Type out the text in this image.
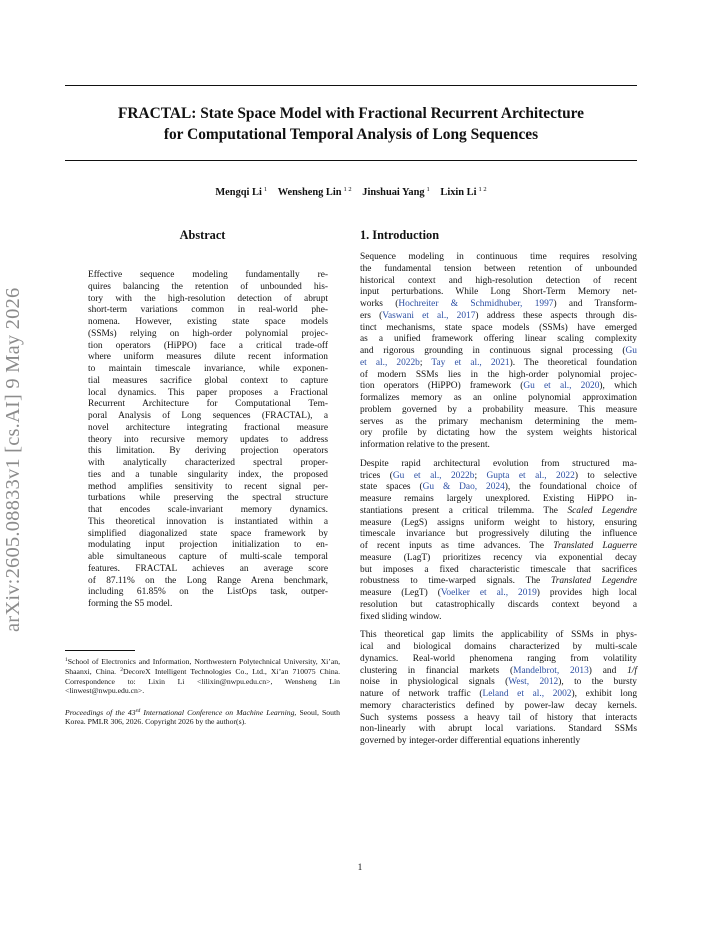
arXiv:2605.08833v1 [cs.AI] 9 May 2026
FRACTAL: State Space Model with Fractional Recurrent Architecture
for Computational Temporal Analysis of Long Sequences
Mengqi Li $^1$ Wensheng Lin $^{1 2}$ Jinshuai Yang $^1$ Lixin Li $^{1 2}$
Abstract
Effective sequence modeling fundamentally re-
quires balancing the retention of unbounded his-
tory with the high-resolution detection of abrupt
short-term variations common in real-world phe-
nomena. However, existing state space models
(SSMs) relying on high-order polynomial projec-
tion operators (HiPPO) face a critical trade-off
where uniform measures dilute recent information
to maintain timescale invariance, while exponen-
tial measures sacrifice global context to capture
local dynamics. This paper proposes a Fractional
Recurrent Architecture for Computational Tem-
poral Analysis of Long sequences (FRACTAL), a
novel architecture integrating fractional measure
theory into recursive memory updates to address
this limitation. By deriving projection operators
with analytically characterized spectral proper-
ties and a tunable singularity index, the proposed
method amplifies sensitivity to recent signal per-
turbations while preserving the spectral structure
that encodes scale-invariant memory dynamics.
This theoretical innovation is instantiated within a
simplified diagonalized state space framework by
modulating input projection initialization to en-
able simultaneous capture of multi-scale temporal
features. FRACTAL achieves an average score
of 87.11% on the Long Range Arena benchmark,
including 61.85% on the ListOps task, outper-
forming the S5 model.
$^1$School of Electronics and Information, Northwestern Polytechnical University, Xi’an, Shaanxi, China. $^2$DecoreX Intelligent Technologies Co., Ltd., Xi’an 710075 China. Correspondence to: Lixin Li <lilixin@nwpu.edu.cn>, Wensheng Lin <linwest@nwpu.edu.cn>.
Proceedings of the 43rd International Conference on Machine Learning, Seoul, South Korea. PMLR 306, 2026. Copyright 2026 by the author(s).
1. Introduction
Sequence modeling in continuous time requires resolving
the fundamental tension between retention of unbounded
historical context and high-resolution detection of recent
input perturbations. While Long Short-Term Memory net-
works (Hochreiter & Schmidhuber, 1997) and Transform-
ers (Vaswani et al., 2017) address these aspects through dis-
tinct mechanisms, state space models (SSMs) have emerged
as a unified framework offering linear scaling complexity
and rigorous grounding in continuous signal processing (Gu
et al., 2022b; Tay et al., 2021). The theoretical foundation
of modern SSMs lies in the high-order polynomial projec-
tion operators (HiPPO) framework (Gu et al., 2020), which
formalizes memory as an online polynomial approximation
problem governed by a probability measure. This measure
serves as the primary mechanism determining the mem-
ory profile by dictating how the system weights historical
information relative to the present.
Despite rapid architectural evolution from structured ma-
trices (Gu et al., 2022b; Gupta et al., 2022) to selective
state spaces (Gu & Dao, 2024), the foundational choice of
measure remains largely unexplored. Existing HiPPO in-
stantiations present a critical trilemma. The Scaled Legendre
measure (LegS) assigns uniform weight to history, ensuring
timescale invariance but progressively diluting the influence
of recent inputs as time advances. The Translated Laguerre
measure (LagT) prioritizes recency via exponential decay
but imposes a fixed characteristic timescale that sacrifices
robustness to time-warped signals. The Translated Legendre
measure (LegT) (Voelker et al., 2019) provides high local
resolution but catastrophically discards context beyond a
fixed sliding window.
This theoretical gap limits the applicability of SSMs in phys-
ical and biological domains characterized by multi-scale
dynamics. Real-world phenomena ranging from volatility
clustering in financial markets (Mandelbrot, 2013) and 1/f
noise in physiological signals (West, 2012), to the bursty
nature of network traffic (Leland et al., 2002), exhibit long
memory characteristics defined by power-law decay kernels.
Such systems possess a heavy tail of history that interacts
non-linearly with abrupt local variations. Standard SSMs
governed by integer-order differential equations inherently
1
